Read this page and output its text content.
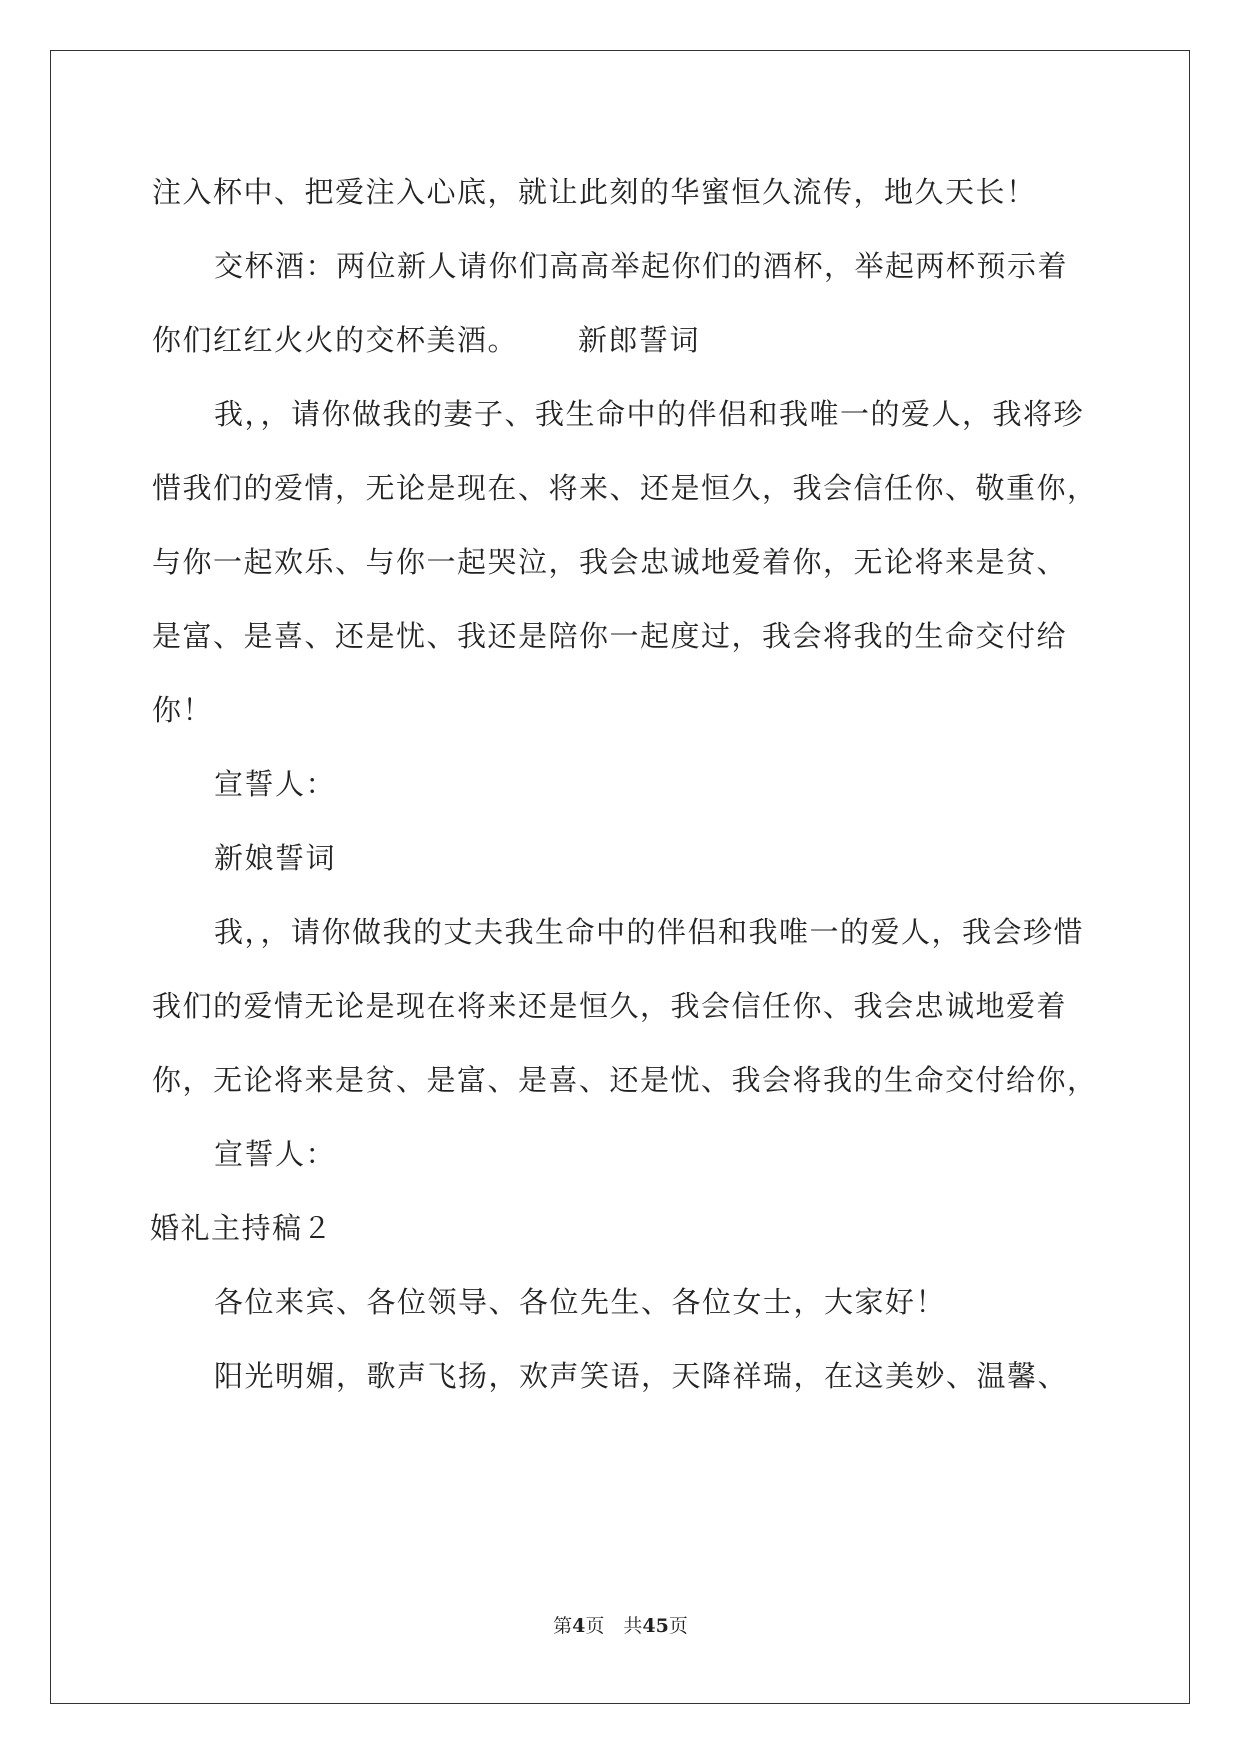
注入杯中、把爱注入心底，就让此刻的华蜜恒久流传，地久天长！
交杯酒：两位新人请你们高高举起你们的酒杯，举起两杯预示着
你们红红火火的交杯美酒。 新郎誓词
我，，请你做我的妻子、我生命中的伴侣和我唯一的爱人，我将珍
惜我们的爱情，无论是现在、将来、还是恒久，我会信任你、敬重你，
与你一起欢乐、与你一起哭泣，我会忠诚地爱着你，无论将来是贫、
是富、是喜、还是忧、我还是陪你一起度过，我会将我的生命交付给
你！
宣誓人：
新娘誓词
我，，请你做我的丈夫我生命中的伴侣和我唯一的爱人，我会珍惜
我们的爱情无论是现在将来还是恒久，我会信任你、我会忠诚地爱着
你，无论将来是贫、是富、是喜、还是忧、我会将我的生命交付给你，
宣誓人：
婚礼主持稿２
各位来宾、各位领导、各位先生、各位女士，大家好！
阳光明媚，歌声飞扬，欢声笑语，天降祥瑞，在这美妙、温馨、
第4页　共45页
